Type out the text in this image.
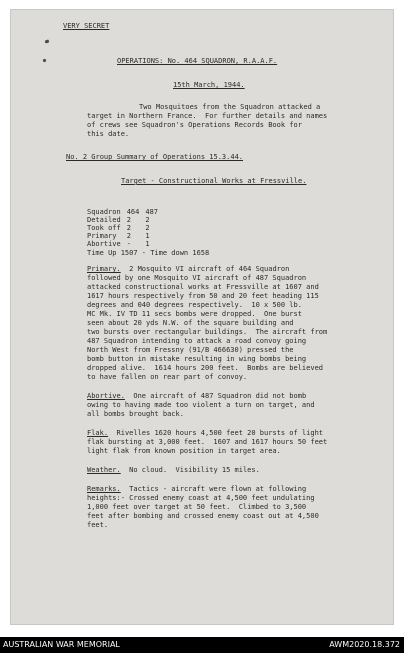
VERY SECRET
OPERATIONS: No. 464 SQUADRON, R.A.A.F.
15th March, 1944.
Two Mosquitoes from the Squadron attacked a
target in Northern France.  For further details and names
of crews see Squadron's Operations Records Book for
this date.
No. 2 Group Summary of Operations 15.3.44.
Target - Constructional Works at Fressville.
Squadron	464	487
Detailed	2	2
Took off	2	2
Primary	2	1
Abortive	-	1
Time Up 1507 - Time down 1658
Primary. 2 Mosquito VI aircraft of 464 Squadron
followed by one Mosquito VI aircraft of 487 Squadron
attacked constructional works at Fressville at 1607 and
1617 hours respectively from 50 and 20 feet heading 115
degrees and 040 degrees respectively.  10 x 500 lb.
MC Mk. IV TD 11 secs bombs were dropped.  One burst
seen about 20 yds N.W. of the square building and
two bursts over rectangular buildings.  The aircraft from
487 Squadron intending to attack a road convoy going
North West from Fressny (91/B 466630) pressed the
bomb button in mistake resulting in wing bombs being
dropped alive.  1614 hours 200 feet.  Bombs are believed
to have fallen on rear part of convoy.
Abortive. One aircraft of 487 Squadron did not bomb
owing to having made too violent a turn on target, and
all bombs brought back.
Flak. Rivelles 1620 hours 4,500 feet 20 bursts of light
flak bursting at 3,000 feet.  1607 and 1617 hours 50 feet
light flak from known position in target area.
Weather. No cloud.  Visibility 15 miles.
Remarks. Tactics - aircraft were flown at following
heights:- Crossed enemy coast at 4,500 feet undulating
1,000 feet over target at 50 feet.  Climbed to 3,500
feet after bombing and crossed enemy coast out at 4,500
feet.
AUSTRALIAN WAR MEMORIAL	AWM2020.18.372
